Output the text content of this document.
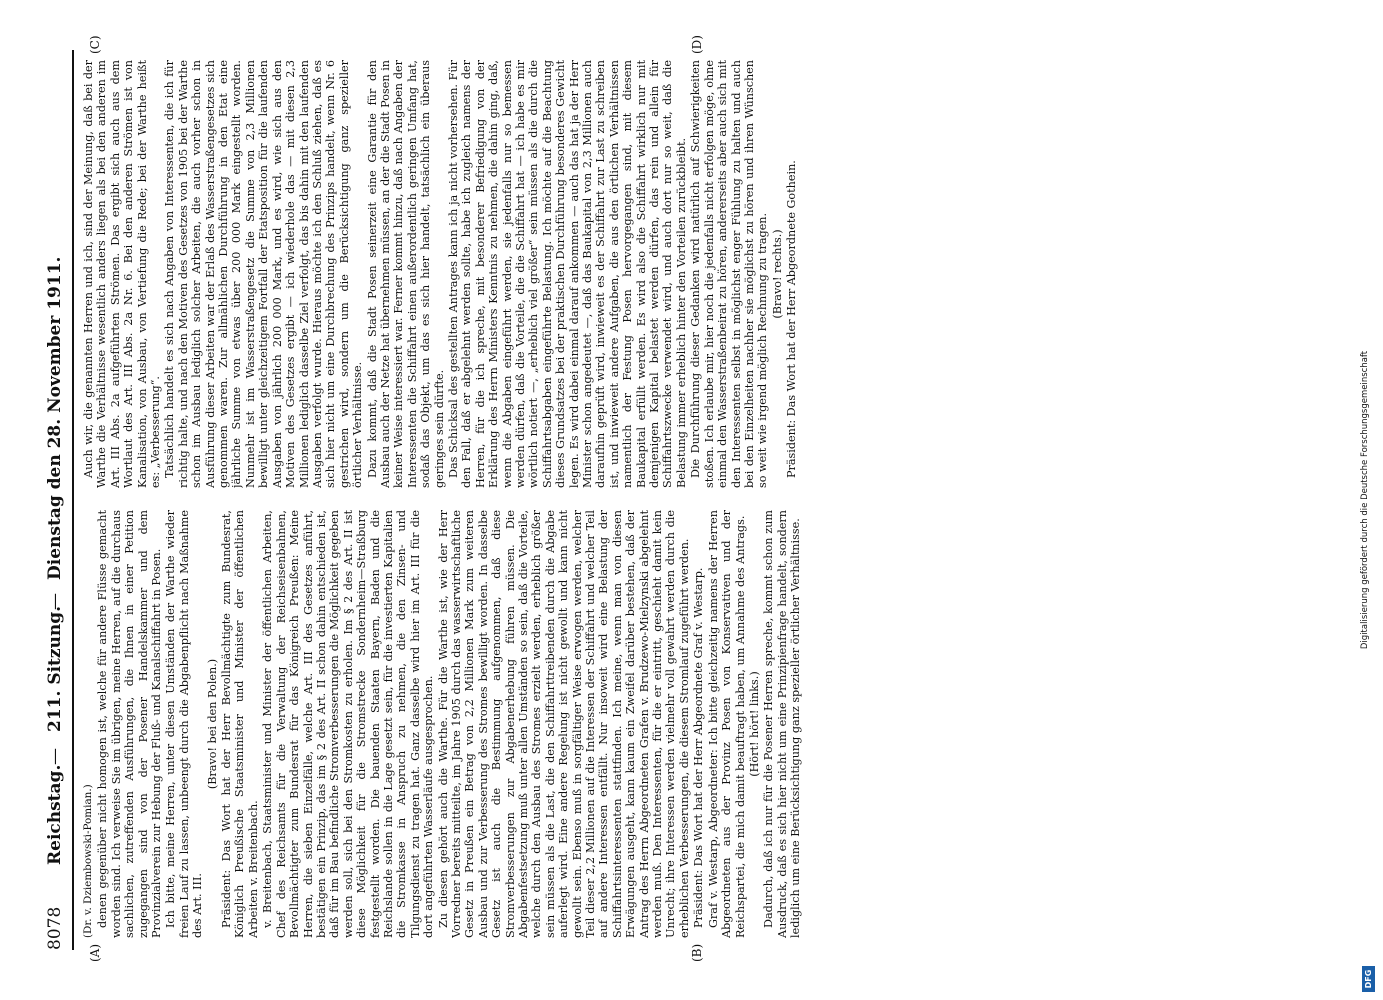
8078
Reichstag.
—
211. Sitzung.
—
Dienstag den 28. November 1911.
(A)	(B)
(C)	(D)

(Dr. v. Dziembowski-Pomian.) denen gegenüber nicht homogen ist, welche für andere Flüsse gemacht worden sind. Ich verweise Sie im übrigen, meine Herren, auf die durchaus sachlichen, zutreffenden Ausführungen, die Ihnen in einer Petition zugegangen sind von der Posener Handelskammer und dem Provinzialverein zur Hebung der Fluß- und Kanalschiffahrt in Posen. Ich bitte, meine Herren, unter diesen Umständen der Warthe wieder freien Lauf zu lassen, unbeengt durch die Abgabenpflicht nach Maßnahme des Art. III.

(Bravo! bei den Polen.) Präsident: Das Wort hat der Herr Bevollmächtigte zum Bundesrat, Königlich Preußische Staatsminister und Minister der öffentlichen Arbeiten v. Breitenbach. v. Breitenbach, Staatsminister und Minister der öffentlichen Arbeiten, Chef des Reichsamts für die Verwaltung der Reichseisenbahnen, Bevollmächtigter zum Bundesrat für das Königreich Preußen: Meine Herren, die sieben Einzelfälle, welche Art. III des Gesetzes anführt, bestätigen ein Prinzip, das im § 2 des Art. II schon dahin entschieden ist, daß für im Bau befindliche Stromverbesserungen die Möglichkeit gegeben werden soll, sich bei den Stromkosten zu erholen. Im § 2 des Art. II ist diese Möglichkeit für die Stromstrecke Sondernheim—Straßburg festgestellt worden. Die bauenden Staaten Bayern, Baden und die Reichslande sollen in die Lage gesetzt sein, für die investierten Kapitalien die Stromkasse in Anspruch zu nehmen, die den Zinsen- und Tilgungsdienst zu tragen hat. Ganz dasselbe wird hier im Art. III für die dort angeführten Wasserläufe ausgesprochen. Zu diesen gehört auch die Warthe. Für die Warthe ist, wie der Herr Vorredner bereits mitteilte, im Jahre 1905 durch das wasserwirtschaftliche Gesetz in Preußen ein Betrag von 2,2 Millionen Mark zum weiteren Ausbau und zur Verbesserung des Stromes bewilligt worden. In dasselbe Gesetz ist auch die Bestimmung aufgenommen, daß diese Stromverbesserungen zur Abgabenerhebung führen müssen. Die Abgabenfestsetzung muß unter allen Umständen so sein, daß die Vorteile, welche durch den Ausbau des Stromes erzielt werden, erheblich größer sein müssen als die Last, die den Schiffahrttreibenden durch die Abgabe auferlegt wird. Eine andere Regelung ist nicht gewollt und kann nicht gewollt sein. Ebenso muß in sorgfältiger Weise erwogen werden, welcher Teil dieser 2,2 Millionen auf die Interessen der Schiffahrt und welcher Teil auf andere Interessen entfällt. Nur insoweit wird eine Belastung der Schiffahrtsinteressenten stattfinden. Ich meine, wenn man von diesen Erwägungen ausgeht, kann kaum ein Zweifel darüber bestehen, daß der Antrag des Herrn Abgeordneten Grafen v. Brudzewo-Mielzynski abgelehnt werden muß. Den Interessenten, für die er eintritt, geschieht damit kein Unrecht; ihre Interessen werden vielmehr voll gewahrt werden durch die erheblichen Verbesserungen, die diesem Stromlauf zugeführt werden. Präsident: Das Wort hat der Herr Abgeordnete Graf v. Westarp. Graf v. Westarp, Abgeordneter: Ich bitte gleichzeitig namens der Herren Abgeordneten aus der Provinz Posen von Konservativen und der Reichspartei, die mich damit beauftragt haben, um Annahme des Antrags. (Hört! hört! links.) Dadurch, daß ich nur für die Posener Herren spreche, kommt schon zum Ausdruck, daß es sich hier nicht um eine Prinzipienfrage handelt, sondern lediglich um eine Berücksichtigung ganz spezieller örtlicher Verhältnisse.

Auch wir, die genannten Herren und ich, sind der Meinung, daß bei der Warthe die Verhältnisse wesentlich anders liegen als bei den anderen im Art. III Abs. 2a aufgeführten Strömen. Das ergibt sich auch aus dem Wortlaut des Art. III Abs. 2a Nr. 6. Bei den anderen Strömen ist von Kanalisation, von Ausbau, von Vertiefung die Rede; bei der Warthe heißt es: „Verbesserung“. Tatsächlich handelt es sich nach Angaben von Interessenten, die ich für richtig halte, und nach den Motiven des Gesetzes von 1905 bei der Warthe schon im Ausbau lediglich solcher Arbeiten, die auch vorher schon in Ausführung dieser Arbeiten war der Erlaß des Wasserstraßengesetzes sich genommen waren. Zur allmählichen Durchführung in den Etat eine jährliche Summe von etwas über 200 000 Mark eingestellt worden. Nunmehr ist im Wasserstraßengesetz die Summe von 2,3 Millionen bewilligt unter gleichzeitigem Fortfall der Etatsposition für die laufenden Ausgaben von jährlich 200 000 Mark, und es wird, wie sich aus den Motiven des Gesetzes ergibt — ich wiederhole das — mit diesen 2,3 Millionen lediglich dasselbe Ziel verfolgt, das bis dahin mit den laufenden Ausgaben verfolgt wurde. Hieraus möchte ich den Schluß ziehen, daß es sich hier nicht um eine Durchbrechung des Prinzips handelt, wenn Nr. 6 gestrichen wird, sondern um die Berücksichtigung ganz spezieller örtlicher Verhältnisse. Dazu kommt, daß die Stadt Posen seinerzeit eine Garantie für den Ausbau auch der Netze hat übernehmen müssen, an der die Stadt Posen in keiner Weise interessiert war. Ferner kommt hinzu, daß nach Angaben der Interessenten die Schiffahrt einen außerordentlich geringen Umfang hat, sodaß das Objekt, um das es sich hier handelt, tatsächlich ein überaus geringes sein dürfte. Das Schicksal des gestellten Antrages kann ich ja nicht vorhersehen. Für den Fall, daß er abgelehnt werden sollte, habe ich zugleich namens der Herren, für die ich spreche, mit besonderer Befriedigung von der Erklärung des Herrn Ministers Kenntnis zu nehmen, die dahin ging, daß, wenn die Abgaben eingeführt werden, sie jedenfalls nur so bemessen werden dürfen, daß die Vorteile, die die Schiffahrt hat — ich habe es mir wörtlich notiert —, „erheblich viel größer“ sein müssen als die durch die Schiffahrtsabgaben eingeführte Belastung. Ich möchte auf die Beachtung dieses Grundsatzes bei der praktischen Durchführung besonderes Gewicht legen. Es wird dabei einmal darauf ankommen — auch das hat ja der Herr Minister schon angedeutet —, daß das Baukapital von 2,3 Millionen auch daraufhin geprüft wird, inwieweit es der Schiffahrt zur Last zu schreiben ist, und inwieweit andere Aufgaben, die aus den örtlichen Verhältnissen namentlich der Festung Posen hervorgegangen sind, mit diesem Baukapital erfüllt werden. Es wird also die Schiffahrt wirklich nur mit demjenigen Kapital belastet werden dürfen, das rein und allein für Schiffahrtszwecke verwendet wird, und auch dort nur so weit, daß die Belastung immer erheblich hinter den Vorteilen zurückbleibt. Die Durchführung dieser Gedanken wird natürlich auf Schwierigkeiten stoßen. Ich erlaube mir, hier noch die jedenfalls nicht erfolgen möge, ohne einmal den Wasserstraßenbeirat zu hören, andererseits aber auch sich mit den Interessenten selbst in möglichst enger Fühlung zu halten und auch bei den Einzelheiten nachher sie möglichst zu hören und ihren Wünschen so weit wie irgend möglich Rechnung zu tragen. (Bravo! rechts.) Präsident: Das Wort hat der Herr Abgeordnete Gothein.

DFG
Digitalisierung gefördert durch die Deutsche Forschungsgemeinschaft
